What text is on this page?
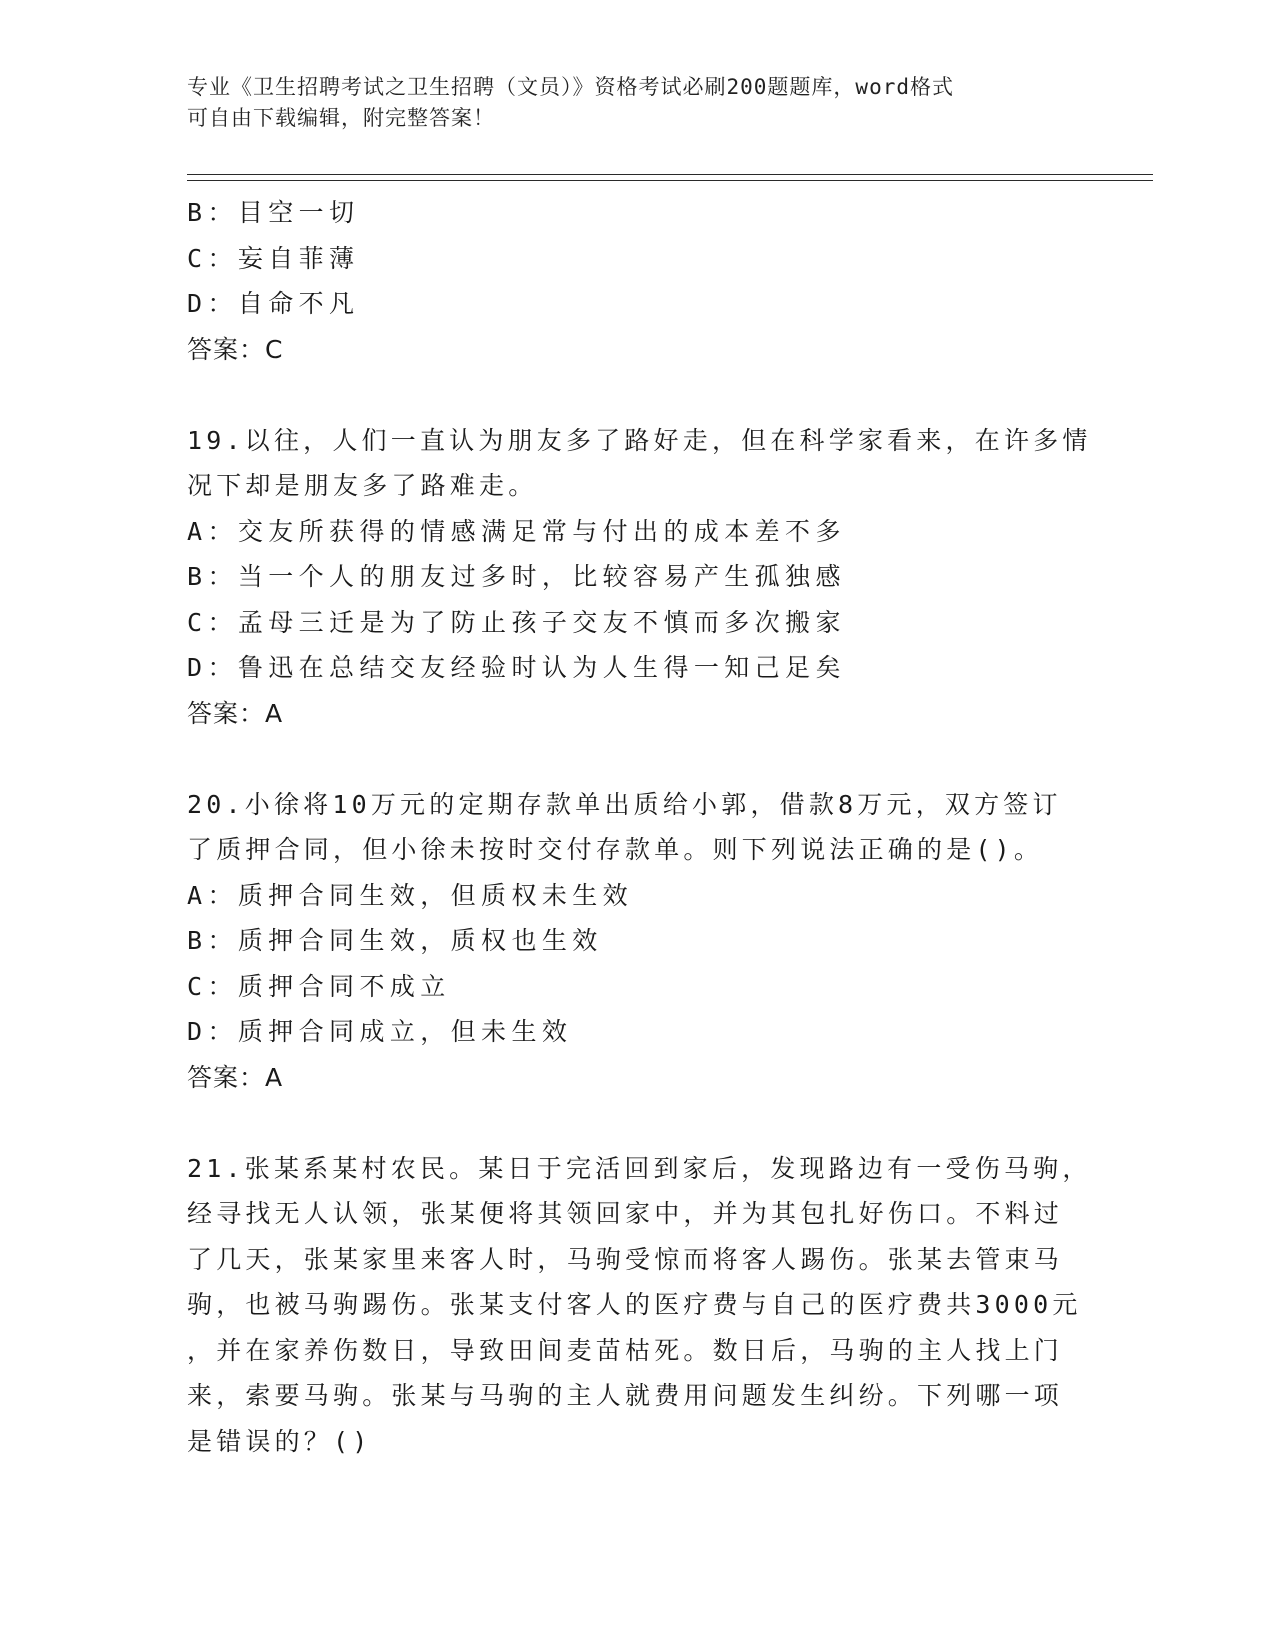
专业《卫生招聘考试之卫生招聘（文员）》资格考试必刷200题题库，word格式
可自由下载编辑，附完整答案！
B：目空一切
C：妄自菲薄
D：自命不凡
答案：C
19.以往，人们一直认为朋友多了路好走，但在科学家看来，在许多情
况下却是朋友多了路难走。
A：交友所获得的情感满足常与付出的成本差不多
B：当一个人的朋友过多时，比较容易产生孤独感
C：孟母三迁是为了防止孩子交友不慎而多次搬家
D：鲁迅在总结交友经验时认为人生得一知己足矣
答案：A
20.小徐将10万元的定期存款单出质给小郭，借款8万元，双方签订
了质押合同，但小徐未按时交付存款单。则下列说法正确的是()。
A：质押合同生效，但质权未生效
B：质押合同生效，质权也生效
C：质押合同不成立
D：质押合同成立，但未生效
答案：A
21.张某系某村农民。某日于完活回到家后，发现路边有一受伤马驹，
经寻找无人认领，张某便将其领回家中，并为其包扎好伤口。不料过
了几天，张某家里来客人时，马驹受惊而将客人踢伤。张某去管束马
驹，也被马驹踢伤。张某支付客人的医疗费与自己的医疗费共3000元
，并在家养伤数日，导致田间麦苗枯死。数日后，马驹的主人找上门
来，索要马驹。张某与马驹的主人就费用问题发生纠纷。下列哪一项
是错误的？()
